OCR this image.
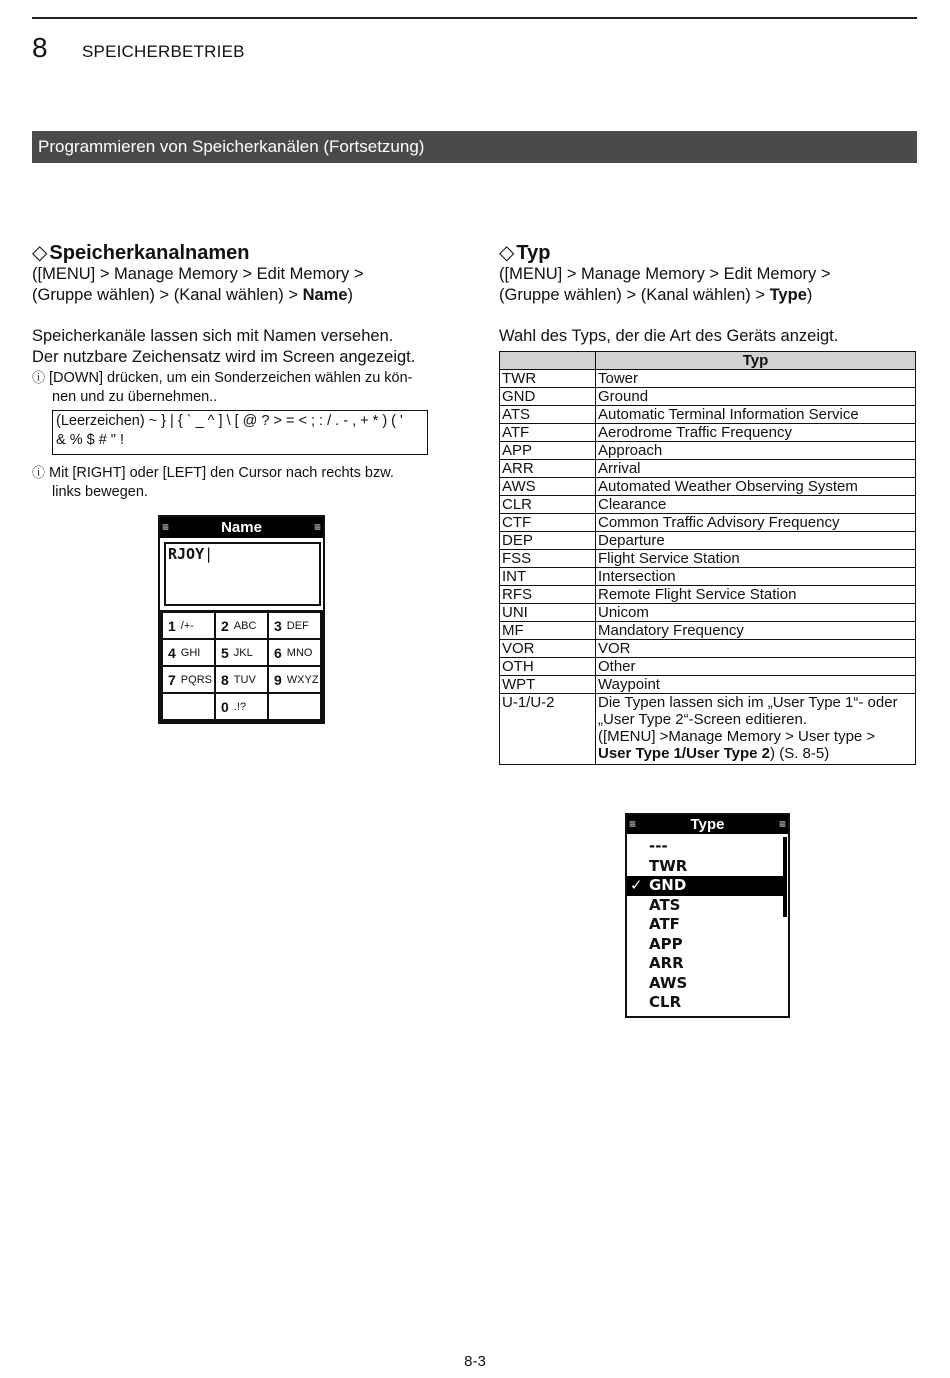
8 SPEICHERBETRIEB
Programmieren von Speicherkanälen (Fortsetzung)
◇ Speicherkanalnamen
([MENU] > Manage Memory > Edit Memory >
(Gruppe wählen) > (Kanal wählen) > Name)
Speicherkanäle lassen sich mit Namen versehen.
Der nutzbare Zeichensatz wird im Screen angezeigt.
ⓘ [DOWN] drücken, um ein Sonderzeichen wählen zu kön-
nen und zu übernehmen..
(Leerzeichen) ~ } | { ` _ ^ ] \ [ @ ? > = < ; : / . - , + * ) ( '
& % $ # " !
ⓘ Mit [RIGHT] oder [LEFT] den Cursor nach rechts bzw.
links bewegen.
≡	Name	≡
RJOY|
1 /+- 2 ABC 3 DEF
4 GHI 5 JKL 6 MNO
7 PQRS 8 TUV 9 WXYZ
0 .!?
◇ Typ
([MENU] > Manage Memory > Edit Memory >
(Gruppe wählen) > (Kanal wählen) > Type)
Wahl des Typs, der die Art des Geräts anzeigt.
	Typ
TWR	Tower
GND	Ground
ATS	Automatic Terminal Information Service
ATF	Aerodrome Traffic Frequency
APP	Approach
ARR	Arrival
AWS	Automated Weather Observing System
CLR	Clearance
CTF	Common Traffic Advisory Frequency
DEP	Departure
FSS	Flight Service Station
INT	Intersection
RFS	Remote Flight Service Station
UNI	Unicom
MF	Mandatory Frequency
VOR	VOR
OTH	Other
WPT	Waypoint
U-1/U-2	Die Typen lassen sich im „User Type 1“- oder
„User Type 2“-Screen editieren.
([MENU] >Manage Memory > User type >
User Type 1/User Type 2) (S. 8-5)
≡	Type	≡
---
TWR
✓ GND
ATS
ATF
APP
ARR
AWS
CLR
8-3
